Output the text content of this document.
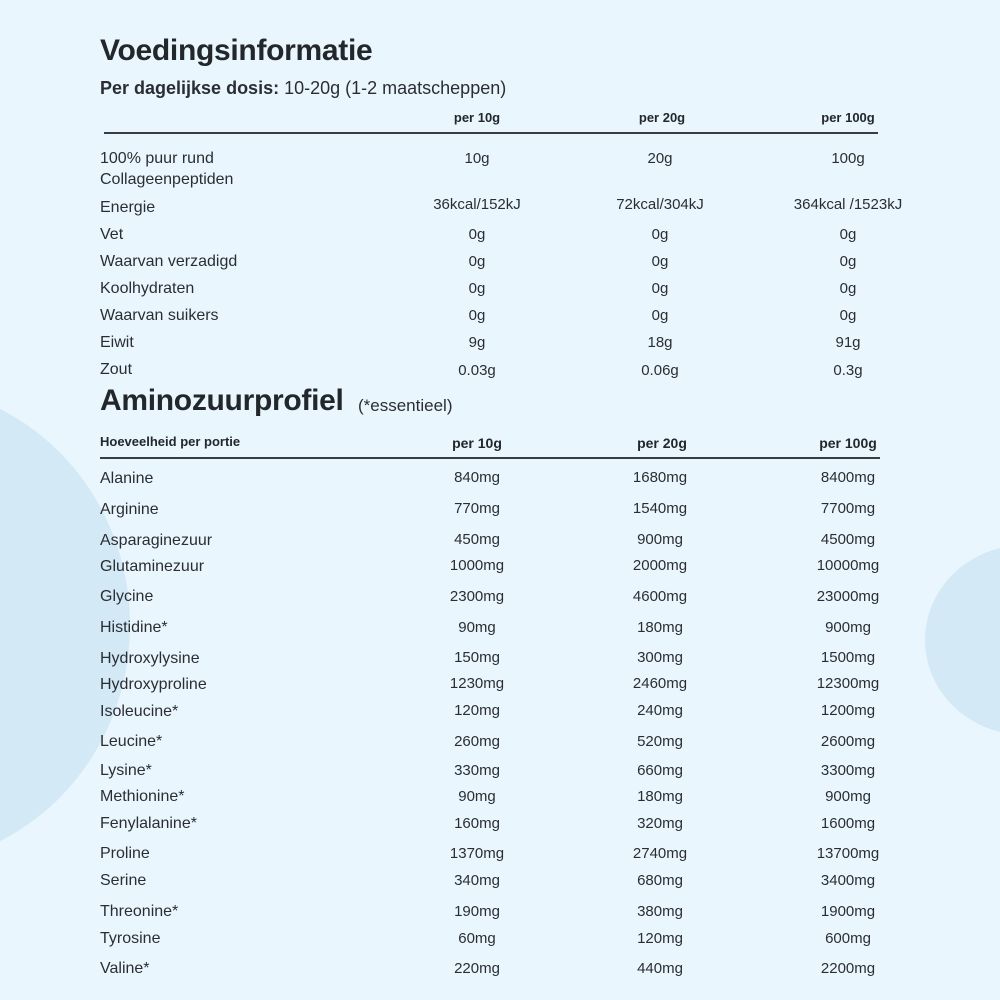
Voedingsinformatie
Per dagelijkse dosis: 10-20g (1-2 maatscheppen)
per 10g	per 20g	per 100g
100% puur rund
Collageenpeptiden
10g	20g	100g
Energie	36kcal/152kJ	72kcal/304kJ	364kcal /1523kJ
Vet	0g	0g	0g
Waarvan verzadigd	0g	0g	0g
Koolhydraten	0g	0g	0g
Waarvan suikers	0g	0g	0g
Eiwit	9g	18g	91g
Zout	0.03g	0.06g	0.3g
Aminozuurprofiel (*essentieel)
Hoeveelheid per portie	per 10g	per 20g	per 100g
Alanine	840mg	1680mg	8400mg
Arginine	770mg	1540mg	7700mg
Asparaginezuur	450mg	900mg	4500mg
Glutaminezuur	1000mg	2000mg	10000mg
Glycine	2300mg	4600mg	23000mg
Histidine*	90mg	180mg	900mg
Hydroxylysine	150mg	300mg	1500mg
Hydroxyproline	1230mg	2460mg	12300mg
Isoleucine*	120mg	240mg	1200mg
Leucine*	260mg	520mg	2600mg
Lysine*	330mg	660mg	3300mg
Methionine*	90mg	180mg	900mg
Fenylalanine*	160mg	320mg	1600mg
Proline	1370mg	2740mg	13700mg
Serine	340mg	680mg	3400mg
Threonine*	190mg	380mg	1900mg
Tyrosine	60mg	120mg	600mg
Valine*	220mg	440mg	2200mg
